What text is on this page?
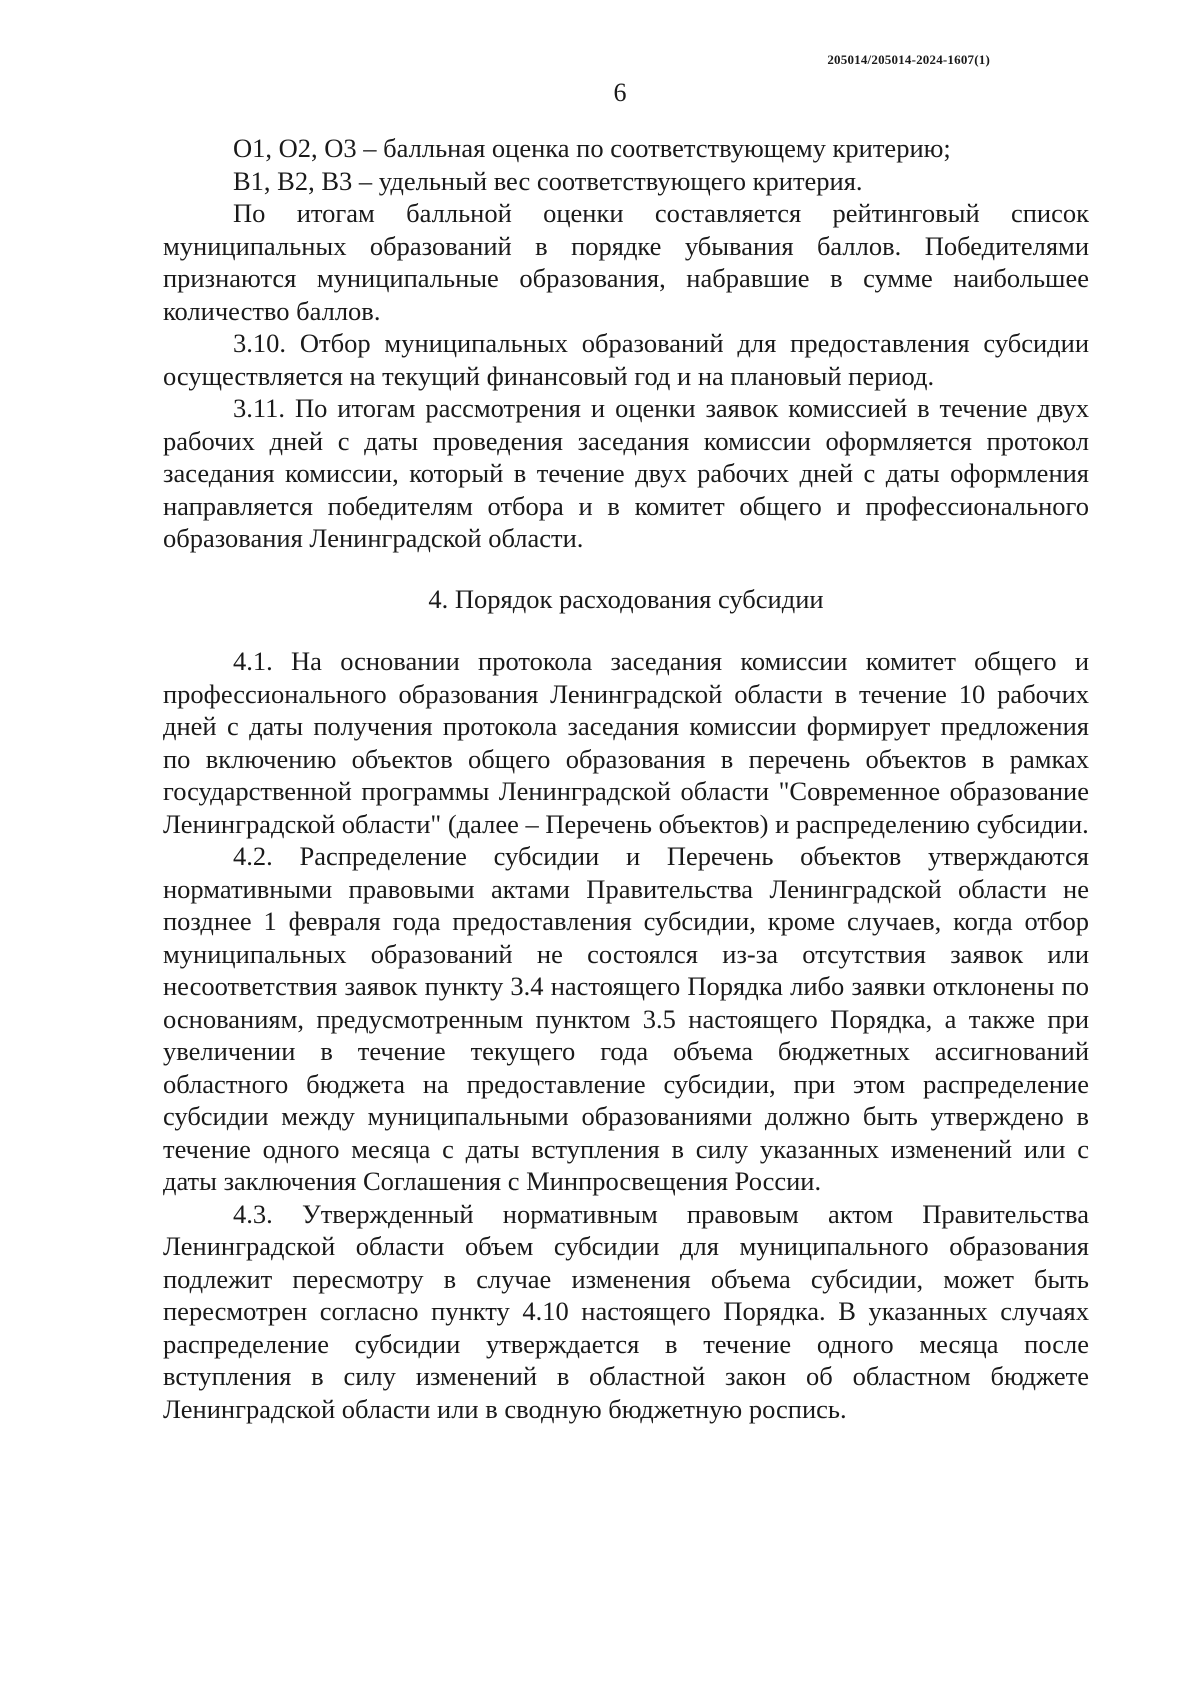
205014/205014-2024-1607(1)
6

О1, О2, О3 – балльная оценка по соответствующему критерию;

В1, В2, В3 – удельный вес соответствующего критерия.

По итогам балльной оценки составляется рейтинговый список муниципальных образований в порядке убывания баллов. Победителями признаются муниципальные образования, набравшие в сумме наибольшее количество баллов.

3.10. Отбор муниципальных образований для предоставления субсидии осуществляется на текущий финансовый год и на плановый период.

3.11. По итогам рассмотрения и оценки заявок комиссией в течение двух рабочих дней с даты проведения заседания комиссии оформляется протокол заседания комиссии, который в течение двух рабочих дней с даты оформления направляется победителям отбора и в комитет общего и профессионального образования Ленинградской области.

4. Порядок расходования субсидии

4.1. На основании протокола заседания комиссии комитет общего и профессионального образования Ленинградской области в течение 10 рабочих дней с даты получения протокола заседания комиссии формирует предложения по включению объектов общего образования в перечень объектов в рамках государственной программы Ленинградской области "Современное образование Ленинградской области" (далее – Перечень объектов) и распределению субсидии.

4.2. Распределение субсидии и Перечень объектов утверждаются нормативными правовыми актами Правительства Ленинградской области не позднее 1 февраля года предоставления субсидии, кроме случаев, когда отбор муниципальных образований не состоялся из-за отсутствия заявок или несоответствия заявок пункту 3.4 настоящего Порядка либо заявки отклонены по основаниям, предусмотренным пунктом 3.5 настоящего Порядка, а также при увеличении в течение текущего года объема бюджетных ассигнований областного бюджета на предоставление субсидии, при этом распределение субсидии между муниципальными образованиями должно быть утверждено в течение одного месяца с даты вступления в силу указанных изменений или с даты заключения Соглашения с Минпросвещения России.

4.3. Утвержденный нормативным правовым актом Правительства Ленинградской области объем субсидии для муниципального образования подлежит пересмотру в случае изменения объема субсидии, может быть пересмотрен согласно пункту 4.10 настоящего Порядка. В указанных случаях распределение субсидии утверждается в течение одного месяца после вступления в силу изменений в областной закон об областном бюджете Ленинградской области или в сводную бюджетную роспись.
